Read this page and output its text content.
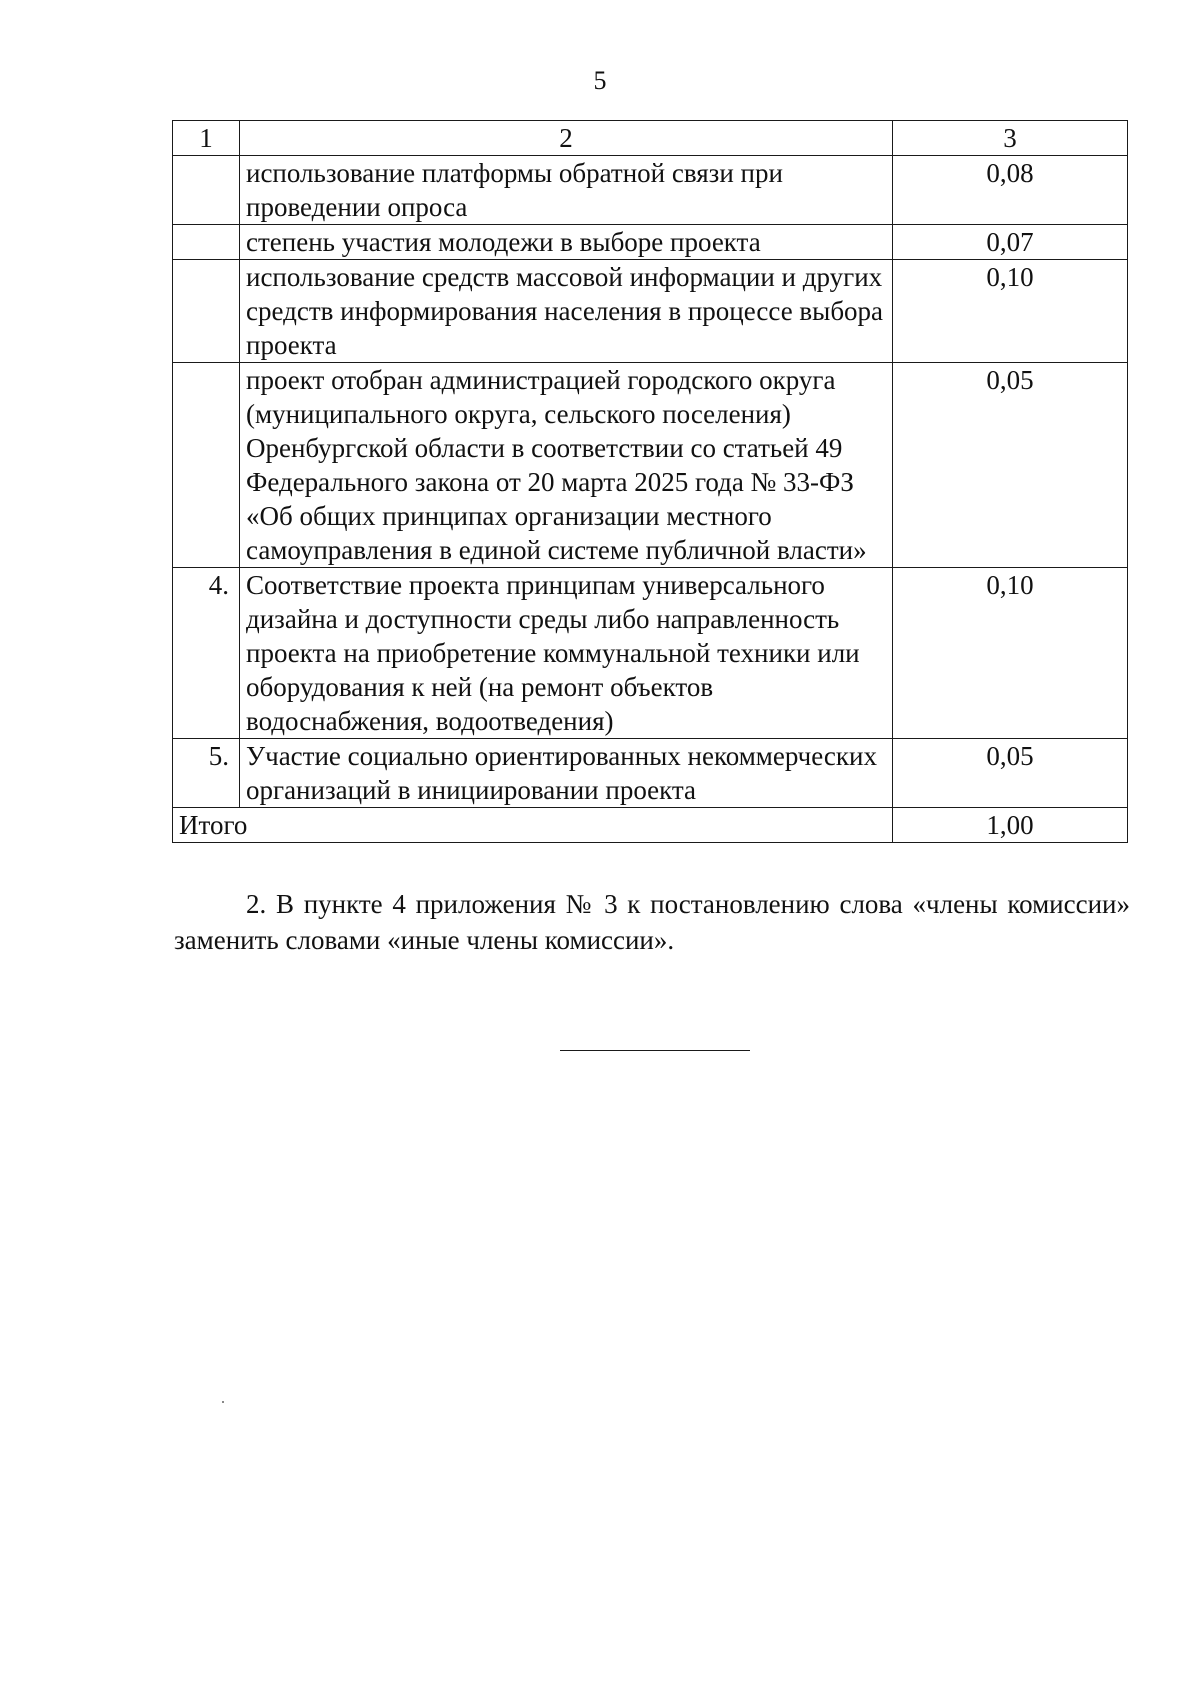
5
1	2	3
	использование платформы обратной связи при проведении опроса	0,08
	степень участия молодежи в выборе проекта	0,07
	использование средств массовой информации и других средств информирования населения в процессе выбора проекта	0,10
	проект отобран администрацией городского округа (муниципального округа, сельского поселения) Оренбургской области в соответствии со статьей 49 Федерального закона от 20 марта 2025 года № 33-ФЗ «Об общих принципах организации местного самоуправления в единой системе публичной власти»	0,05
4.	Соответствие проекта принципам универсального дизайна и доступности среды либо направленность проекта на приобретение коммунальной техники или оборудования к ней (на ремонт объектов водоснабжения, водоотведения)	0,10
5.	Участие социально ориентированных некоммерческих организаций в инициировании проекта	0,05
Итого		1,00
2. В пункте 4 приложения № 3 к постановлению слова «члены комиссии» заменить словами «иные члены комиссии».
